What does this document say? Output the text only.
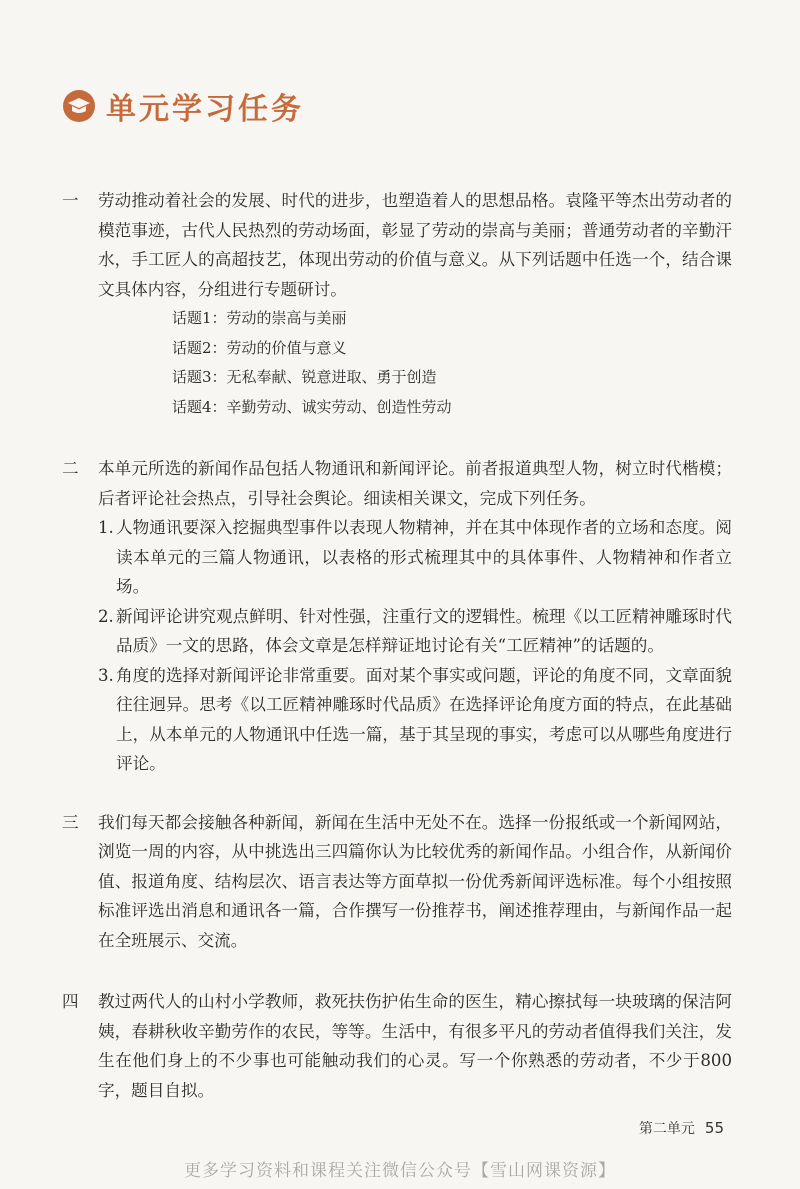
单元学习任务
一	劳动推动着社会的发展、时代的进步，也塑造着人的思想品格。袁隆平等杰出劳动者的模范事迹，古代人民热烈的劳动场面，彰显了劳动的崇高与美丽；普通劳动者的辛勤汗水，手工匠人的高超技艺，体现出劳动的价值与意义。从下列话题中任选一个，结合课文具体内容，分组进行专题研讨。
话题1：劳动的崇高与美丽
话题2：劳动的价值与意义
话题3：无私奉献、锐意进取、勇于创造
话题4：辛勤劳动、诚实劳动、创造性劳动
二	本单元所选的新闻作品包括人物通讯和新闻评论。前者报道典型人物，树立时代楷模；后者评论社会热点，引导社会舆论。细读相关课文，完成下列任务。
1. 人物通讯要深入挖掘典型事件以表现人物精神，并在其中体现作者的立场和态度。阅读本单元的三篇人物通讯，以表格的形式梳理其中的具体事件、人物精神和作者立场。
2. 新闻评论讲究观点鲜明、针对性强，注重行文的逻辑性。梳理《以工匠精神雕琢时代品质》一文的思路，体会文章是怎样辩证地讨论有关“工匠精神”的话题的。
3. 角度的选择对新闻评论非常重要。面对某个事实或问题，评论的角度不同，文章面貌往往迥异。思考《以工匠精神雕琢时代品质》在选择评论角度方面的特点，在此基础上，从本单元的人物通讯中任选一篇，基于其呈现的事实，考虑可以从哪些角度进行评论。
三	我们每天都会接触各种新闻，新闻在生活中无处不在。选择一份报纸或一个新闻网站，浏览一周的内容，从中挑选出三四篇你认为比较优秀的新闻作品。小组合作，从新闻价值、报道角度、结构层次、语言表达等方面草拟一份优秀新闻评选标准。每个小组按照标准评选出消息和通讯各一篇，合作撰写一份推荐书，阐述推荐理由，与新闻作品一起在全班展示、交流。
四	教过两代人的山村小学教师，救死扶伤护佑生命的医生，精心擦拭每一块玻璃的保洁阿姨，春耕秋收辛勤劳作的农民，等等。生活中，有很多平凡的劳动者值得我们关注，发生在他们身上的不少事也可能触动我们的心灵。写一个你熟悉的劳动者，不少于800字，题目自拟。
第二单元 55
更多学习资料和课程关注微信公众号【雪山网课资源】
